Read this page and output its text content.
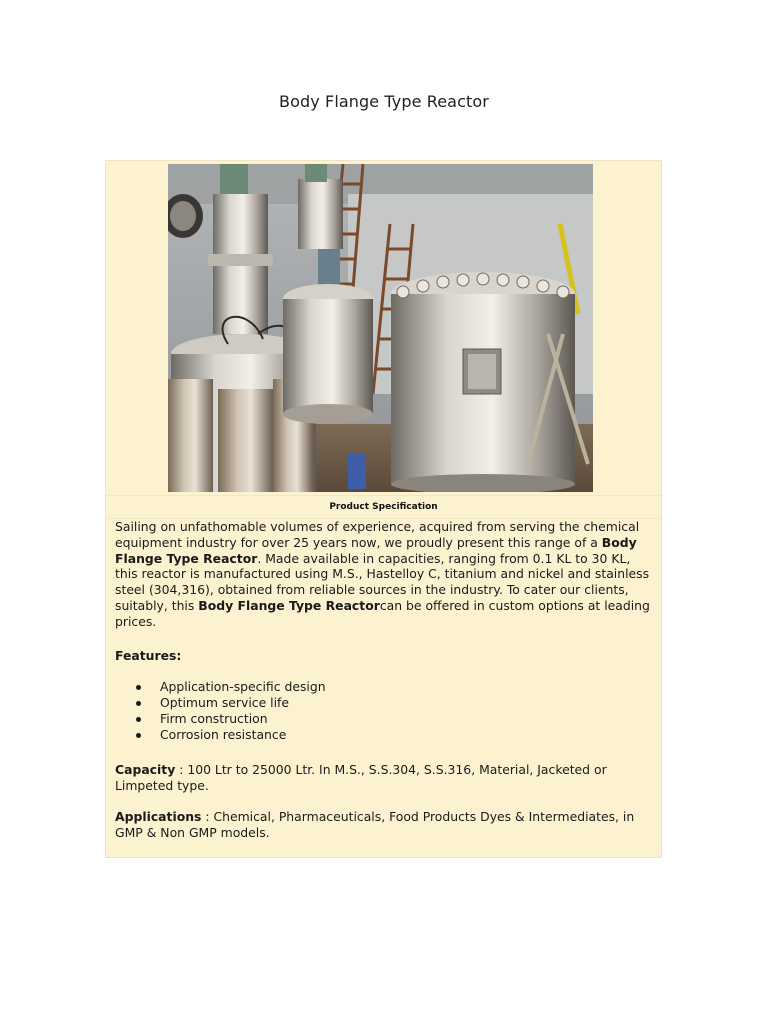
Body Flange Type Reactor
Product Specification

Sailing on unfathomable volumes of experience, acquired from serving the chemical equipment industry for over 25 years now, we proudly present this range of a Body Flange Type Reactor. Made available in capacities, ranging from 0.1 KL to 30 KL, this reactor is manufactured using M.S., Hastelloy C, titanium and nickel and stainless steel (304,316), obtained from reliable sources in the industry. To cater our clients, suitably, this Body Flange Type Reactorcan be offered in custom options at leading prices.

Features:

Application-specific design
Optimum service life
Firm construction
Corrosion resistance

Capacity : 100 Ltr to 25000 Ltr. In M.S., S.S.304, S.S.316, Material, Jacketed or Limpeted type.

Applications : Chemical, Pharmaceuticals, Food Products Dyes & Intermediates, in GMP & Non GMP models.
